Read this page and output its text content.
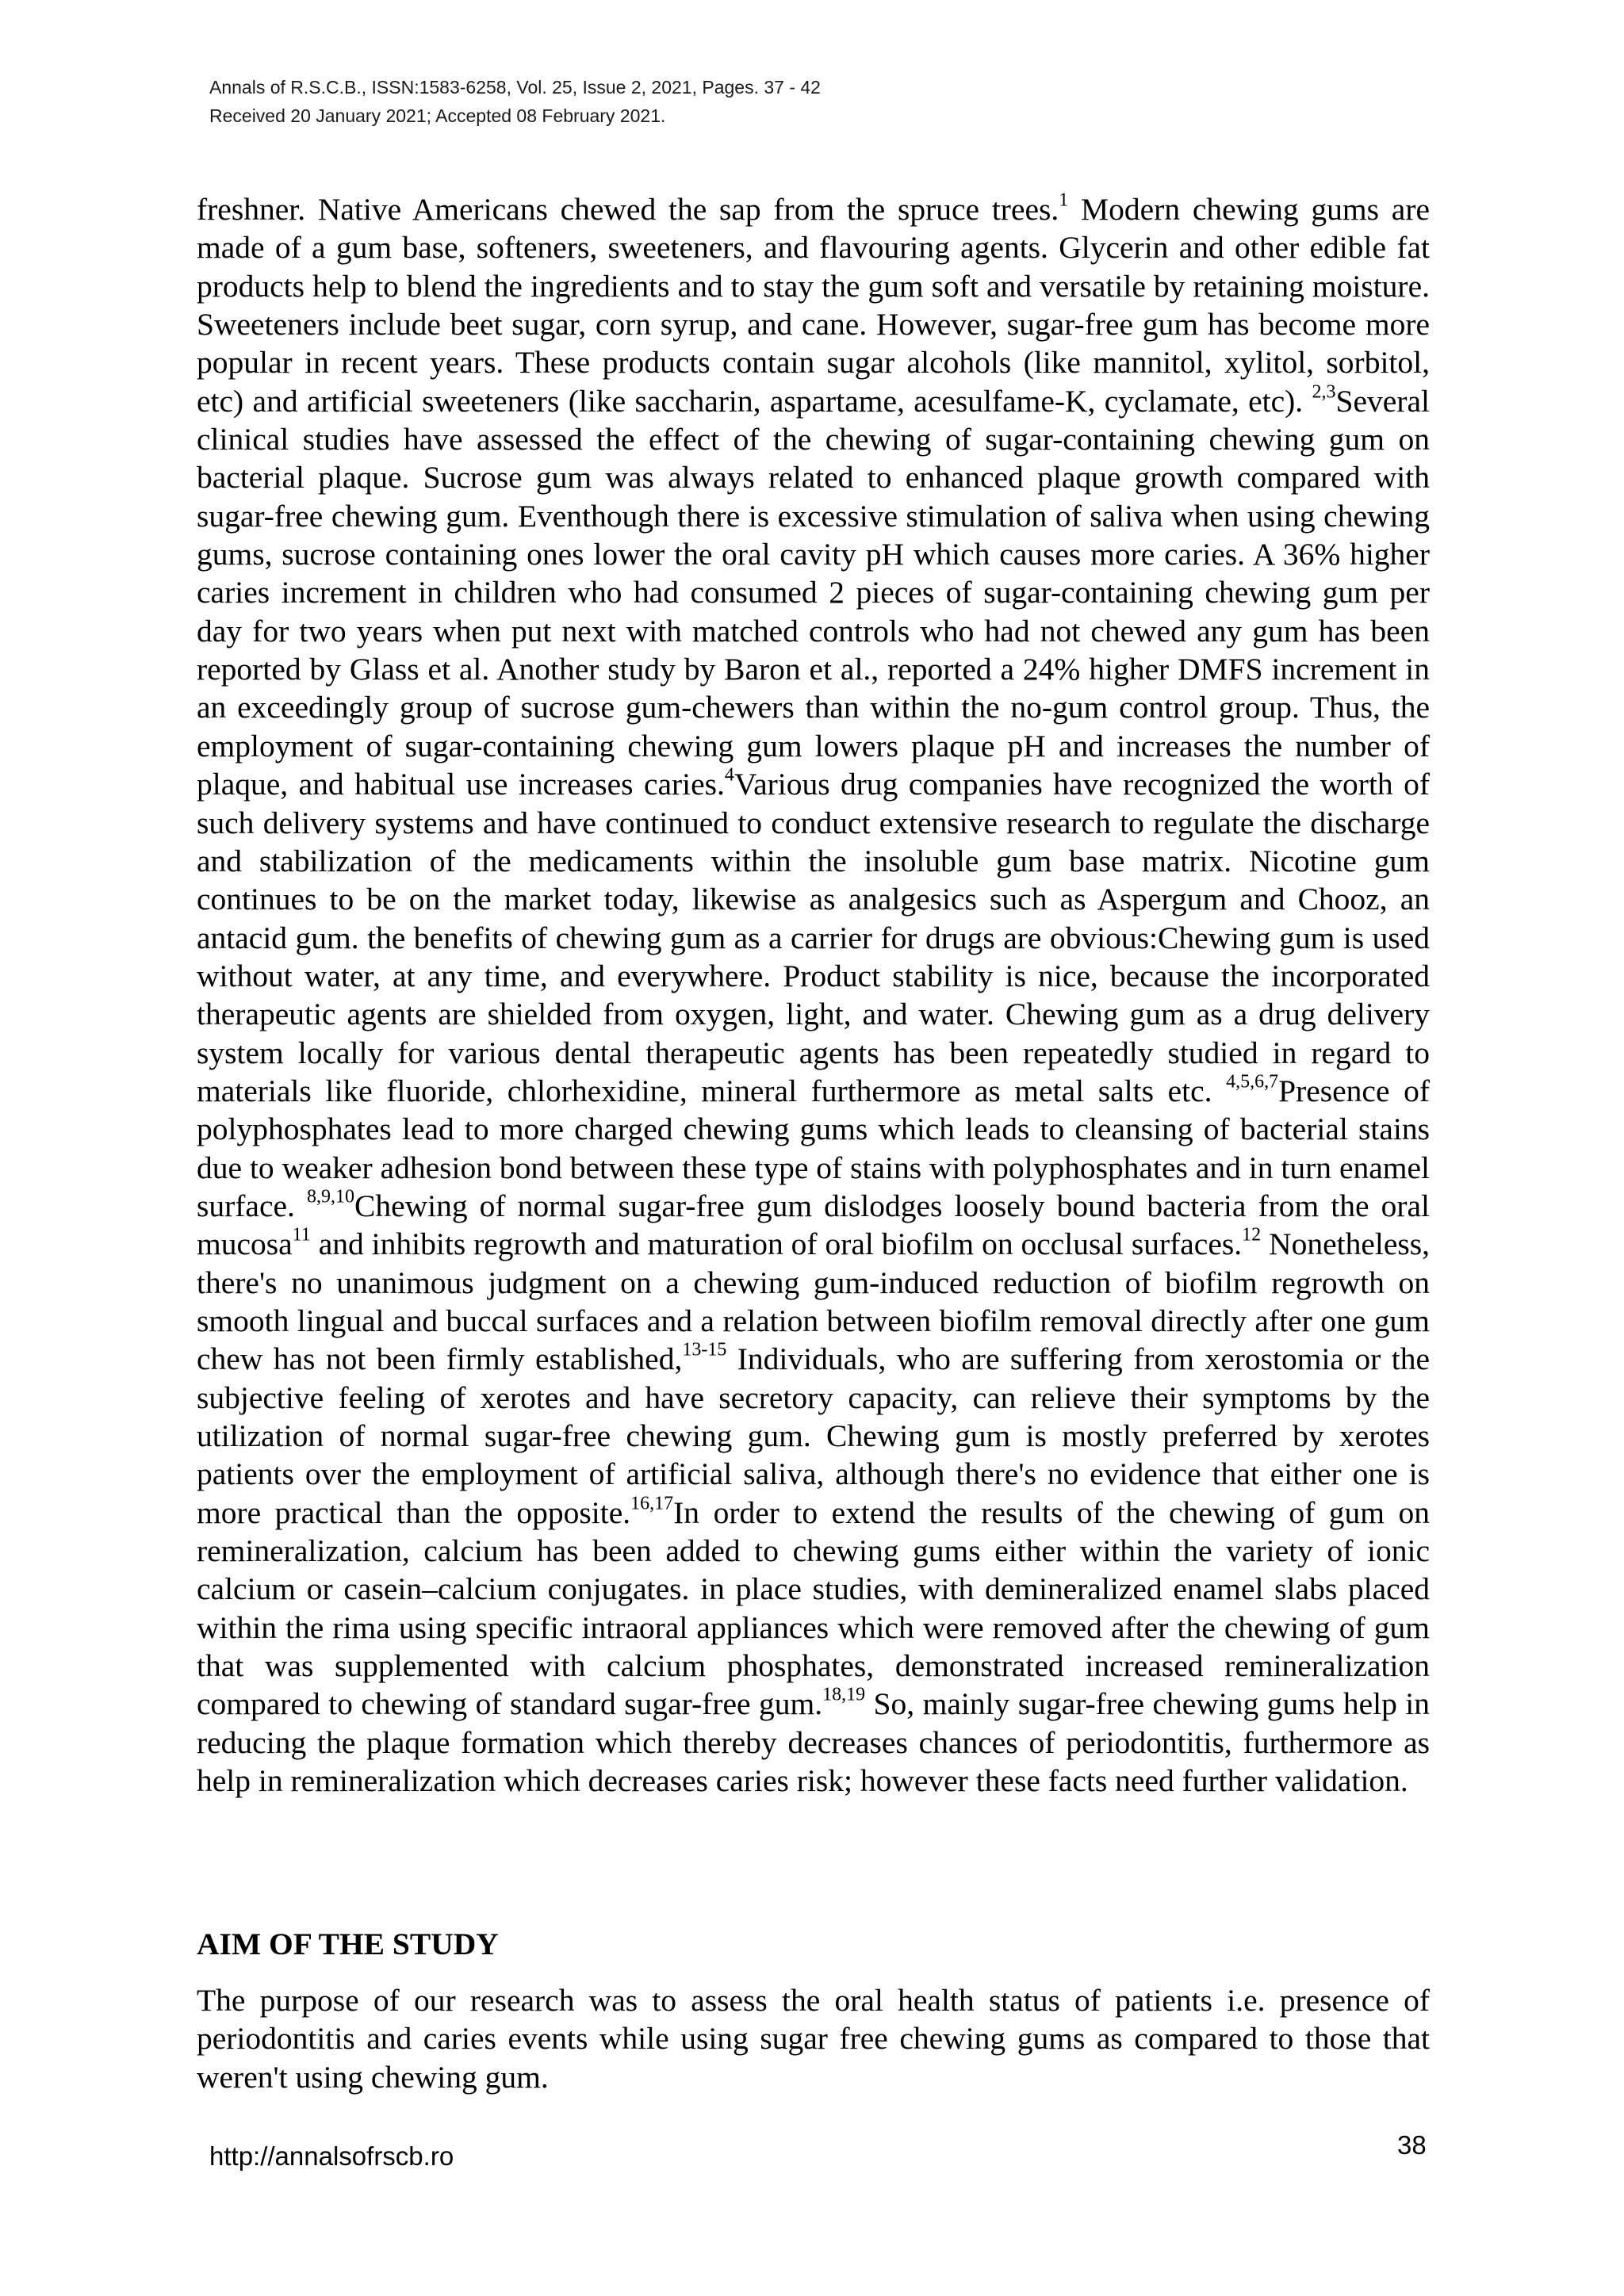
Annals of R.S.C.B., ISSN:1583-6258, Vol. 25, Issue 2, 2021, Pages. 37 - 42
Received 20 January 2021; Accepted 08 February 2021.

freshner. Native Americans chewed the sap from the spruce trees.$^1$ Modern chewing gums are made of a gum base, softeners, sweeteners, and flavouring agents. Glycerin and other edible fat products help to blend the ingredients and to stay the gum soft and versatile by retaining moisture. Sweeteners include beet sugar, corn syrup, and cane. However, sugar-free gum has become more popular in recent years. These products contain sugar alcohols (like mannitol, xylitol, sorbitol, etc) and artificial sweeteners (like saccharin, aspartame, acesulfame-K, cyclamate, etc). $^{2,3}$Several clinical studies have assessed the effect of the chewing of sugar-containing chewing gum on bacterial plaque. Sucrose gum was always related to enhanced plaque growth compared with sugar-free chewing gum. Eventhough there is excessive stimulation of saliva when using chewing gums, sucrose containing ones lower the oral cavity pH which causes more caries. A 36% higher caries increment in children who had consumed 2 pieces of sugar-containing chewing gum per day for two years when put next with matched controls who had not chewed any gum has been reported by Glass et al. Another study by Baron et al., reported a 24% higher DMFS increment in an exceedingly group of sucrose gum-chewers than within the no-gum control group. Thus, the employment of sugar-containing chewing gum lowers plaque pH and increases the number of plaque, and habitual use increases caries.$^4$Various drug companies have recognized the worth of such delivery systems and have continued to conduct extensive research to regulate the discharge and stabilization of the medicaments within the insoluble gum base matrix. Nicotine gum continues to be on the market today, likewise as analgesics such as Aspergum and Chooz, an antacid gum. the benefits of chewing gum as a carrier for drugs are obvious:Chewing gum is used without water, at any time, and everywhere. Product stability is nice, because the incorporated therapeutic agents are shielded from oxygen, light, and water. Chewing gum as a drug delivery system locally for various dental therapeutic agents has been repeatedly studied in regard to materials like fluoride, chlorhexidine, mineral furthermore as metal salts etc. $^{4,5,6,7}$Presence of polyphosphates lead to more charged chewing gums which leads to cleansing of bacterial stains due to weaker adhesion bond between these type of stains with polyphosphates and in turn enamel surface. $^{8,9,10}$Chewing of normal sugar-free gum dislodges loosely bound bacteria from the oral mucosa$^{11}$ and inhibits regrowth and maturation of oral biofilm on occlusal surfaces.$^{12}$ Nonetheless, there's no unanimous judgment on a chewing gum-induced reduction of biofilm regrowth on smooth lingual and buccal surfaces and a relation between biofilm removal directly after one gum chew has not been firmly established,$^{13-15}$ Individuals, who are suffering from xerostomia or the subjective feeling of xerotes and have secretory capacity, can relieve their symptoms by the utilization of normal sugar-free chewing gum. Chewing gum is mostly preferred by xerotes patients over the employment of artificial saliva, although there's no evidence that either one is more practical than the opposite.$^{16,17}$In order to extend the results of the chewing of gum on remineralization, calcium has been added to chewing gums either within the variety of ionic calcium or casein–calcium conjugates. in place studies, with demineralized enamel slabs placed within the rima using specific intraoral appliances which were removed after the chewing of gum that was supplemented with calcium phosphates, demonstrated increased remineralization compared to chewing of standard sugar-free gum.$^{18,19}$ So, mainly sugar-free chewing gums help in reducing the plaque formation which thereby decreases chances of periodontitis, furthermore as help in remineralization which decreases caries risk; however these facts need further validation.

AIM OF THE STUDY

The purpose of our research was to assess the oral health status of patients i.e. presence of periodontitis and caries events while using sugar free chewing gums as compared to those that weren't using chewing gum.

http://annalsofrscb.ro	38
